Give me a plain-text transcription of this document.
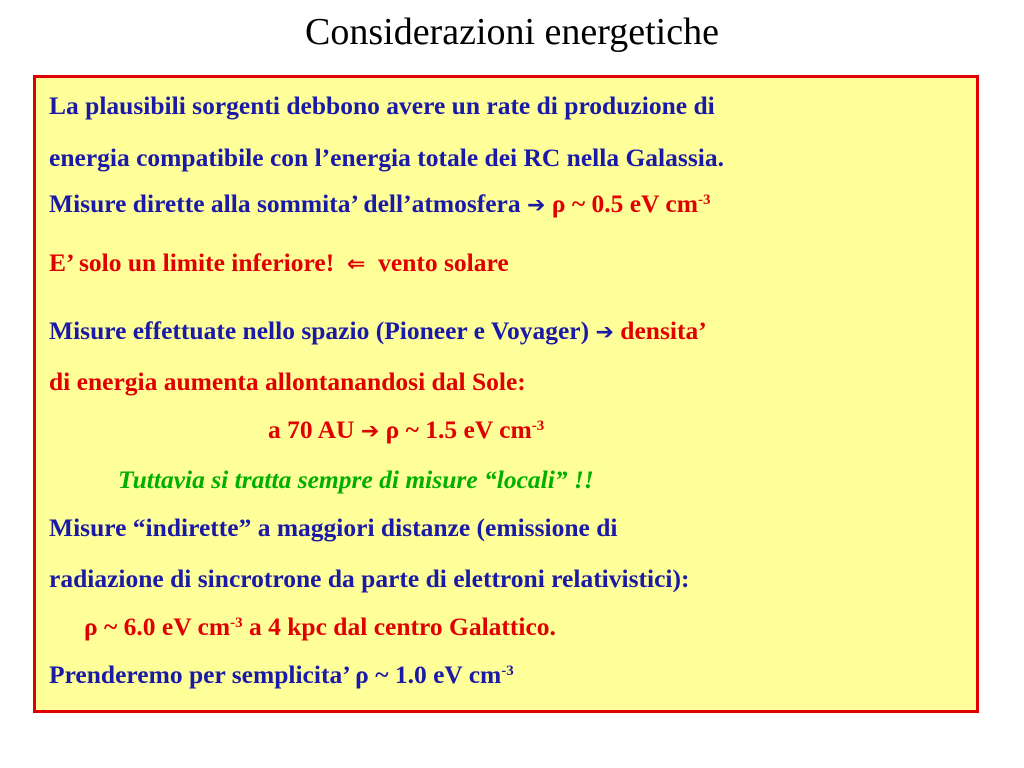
Considerazioni energetiche
La plausibili sorgenti debbono avere un rate di produzione di
energia compatibile con l’energia totale dei RC nella Galassia.
Misure dirette alla sommita’ dell’atmosfera ➔ ρ ~ 0.5 eV $cm^{-3}$
E’ solo un limite inferiore! ⇐ vento solare
Misure effettuate nello spazio (Pioneer e Voyager) ➔ densita’
di energia aumenta allontanandosi dal Sole:
a 70 AU ➔ ρ ~ 1.5 eV $cm^{-3}$
Tuttavia si tratta sempre di misure “locali” !!
Misure “indirette” a maggiori distanze (emissione di
radiazione di sincrotrone da parte di elettroni relativistici):
ρ ~ 6.0 eV $cm^{-3}$ a 4 kpc dal centro Galattico.
Prenderemo per semplicita’ ρ ~ 1.0 eV $cm^{-3}$
